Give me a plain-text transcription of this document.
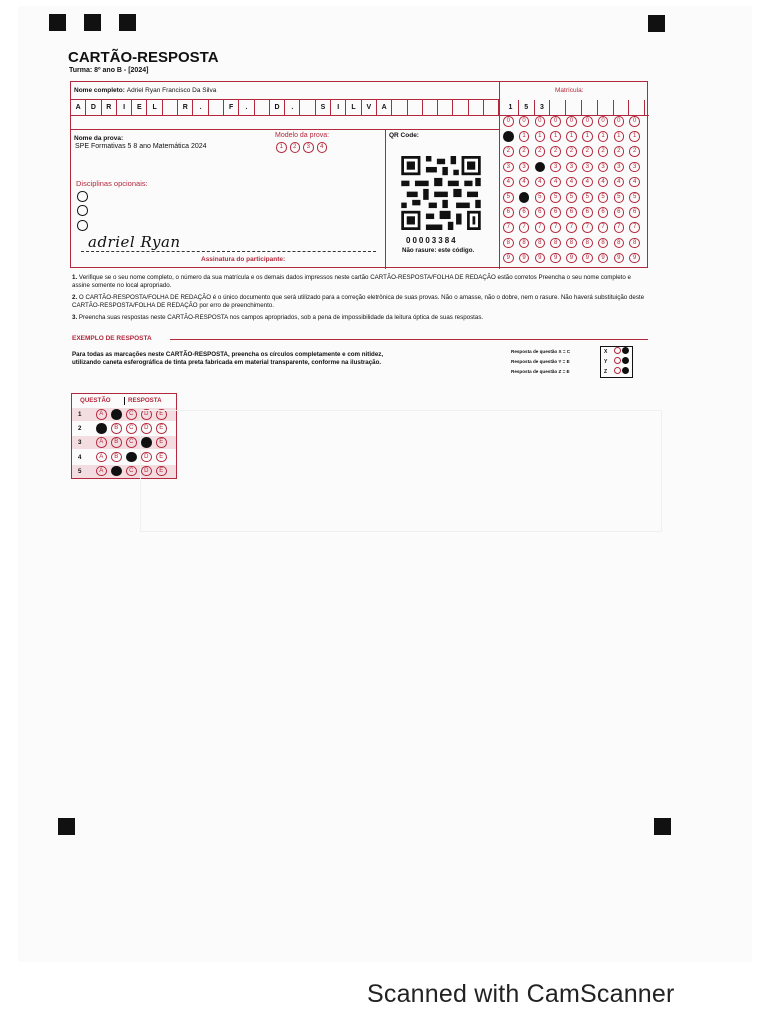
CARTÃO-RESPOSTA
Turma: 8º ano B - [2024]
Nome completo: Adriel Ryan Francisco Da Silva
A	D	R	I	E	L	R	.	F	.	D	.	S	I	L	V	A
Matrícula:
1	5	3
Nome da prova:
SPE Formativas 5 8 ano Matemática 2024
Modelo da prova:
1	2	3	4
Disciplinas opcionais:
adriel Ryan
Assinatura do participante:
QR Code:
00003384
Não rasure: este código.
0	0	0	0	0	0	0	0	0
1	1	1	1	1	1	1	1	1
2	2	2	2	2	2	2	2	2
3	3	3	3	3	3	3	3	3
4	4	4	4	4	4	4	4	4
5	5	5	5	5	5	5	5	5
6	6	6	6	6	6	6	6	6
7	7	7	7	7	7	7	7	7
8	8	8	8	8	8	8	8	8
9	9	9	9	9	9	9	9	9
1. Verifique se o seu nome completo, o número da sua matrícula e os demais dados impressos neste cartão CARTÃO-RESPOSTA/FOLHA DE REDAÇÃO estão corretos Preencha o seu nome completo e assine somente no local apropriado.
2. O CARTÃO-RESPOSTA/FOLHA DE REDAÇÃO é o único documento que será utilizado para a correção eletrônica de suas provas. Não o amasse, não o dobre, nem o rasure. Não haverá substituição deste CARTÃO-RESPOSTA/FOLHA DE REDAÇÃO por erro de preenchimento.
3. Preencha suas respostas neste CARTÃO-RESPOSTA nos campos apropriados, sob a pena de impossibilidade da leitura óptica de suas respostas.
EXEMPLO DE RESPOSTA
Para todas as marcações neste CARTÃO-RESPOSTA, preencha os círculos completamente e com nitidez, utilizando caneta esferográfica de tinta preta fabricada em material transparente, conforme na ilustração.
Resposta de questão X = C	X
Resposta de questão Y = E	Y
Resposta de questão Z = E	Z
QUESTÃO	RESPOSTA
1	A	B	C	D	E
2	A	B	C	D	E
3	A	B	C	D	E
4	A	B	C	D	E
5	A	B	C	D	E
Scanned with CamScanner
